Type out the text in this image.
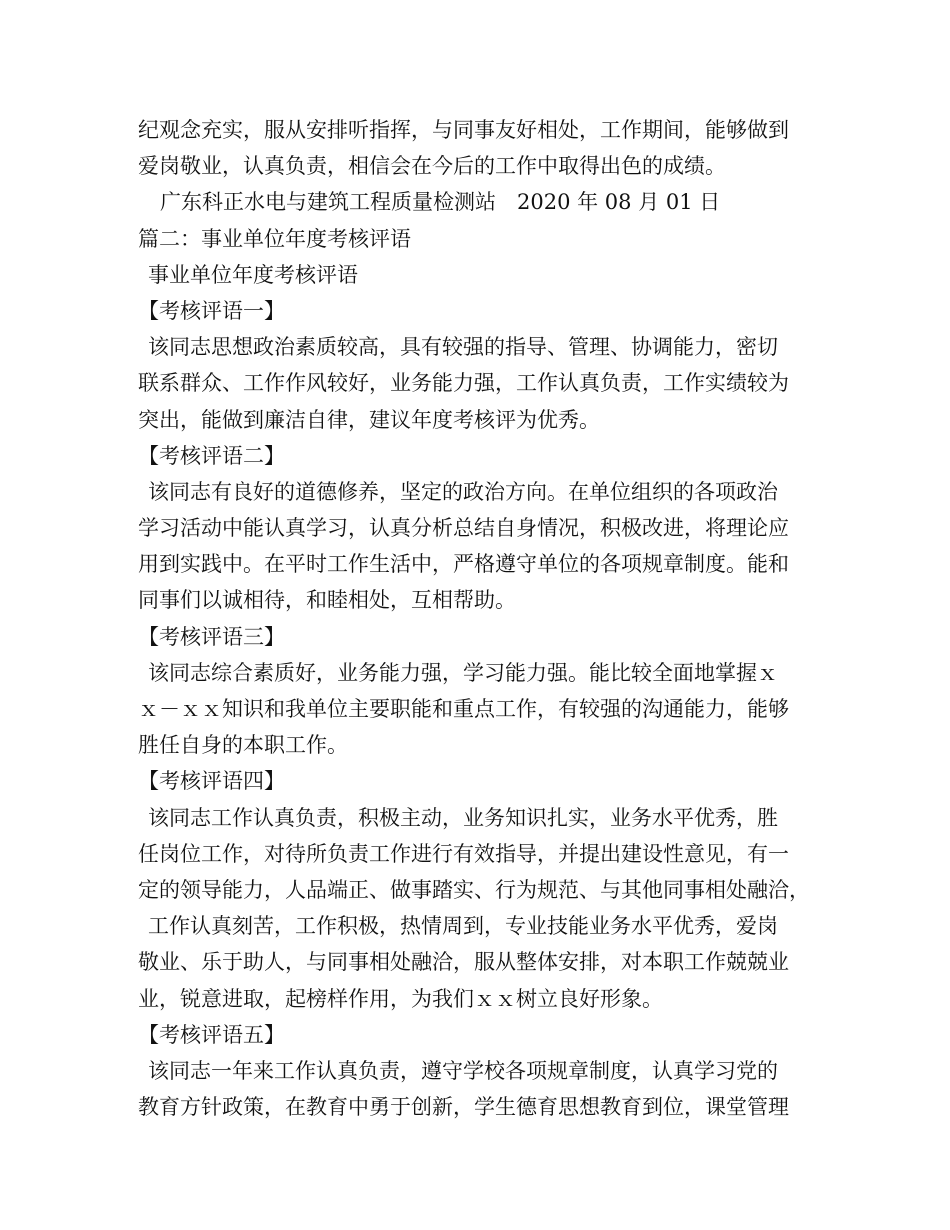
纪观念充实，服从安排听指挥，与同事友好相处，工作期间，能够做到
爱岗敬业，认真负责，相信会在今后的工作中取得出色的成绩。
广东科正水电与建筑工程质量检测站　2020 年 08 月 01 日
篇二：事业单位年度考核评语
事业单位年度考核评语
【考核评语一】
该同志思想政治素质较高，具有较强的指导、管理、协调能力，密切
联系群众、工作作风较好，业务能力强，工作认真负责，工作实绩较为
突出，能做到廉洁自律，建议年度考核评为优秀。
【考核评语二】
该同志有良好的道德修养，坚定的政治方向。在单位组织的各项政治
学习活动中能认真学习，认真分析总结自身情况，积极改进，将理论应
用到实践中。在平时工作生活中，严格遵守单位的各项规章制度。能和
同事们以诚相待，和睦相处，互相帮助。
【考核评语三】
该同志综合素质好，业务能力强，学习能力强。能比较全面地掌握ｘ
ｘ－ｘｘ知识和我单位主要职能和重点工作，有较强的沟通能力，能够
胜任自身的本职工作。
【考核评语四】
该同志工作认真负责，积极主动，业务知识扎实，业务水平优秀，胜
任岗位工作，对待所负责工作进行有效指导，并提出建设性意见，有一
定的领导能力，人品端正、做事踏实、行为规范、与其他同事相处融洽，
工作认真刻苦，工作积极，热情周到，专业技能业务水平优秀，爱岗
敬业、乐于助人，与同事相处融洽，服从整体安排，对本职工作兢兢业
业，锐意进取，起榜样作用，为我们ｘｘ树立良好形象。
【考核评语五】
该同志一年来工作认真负责，遵守学校各项规章制度，认真学习党的
教育方针政策，在教育中勇于创新，学生德育思想教育到位，课堂管理
